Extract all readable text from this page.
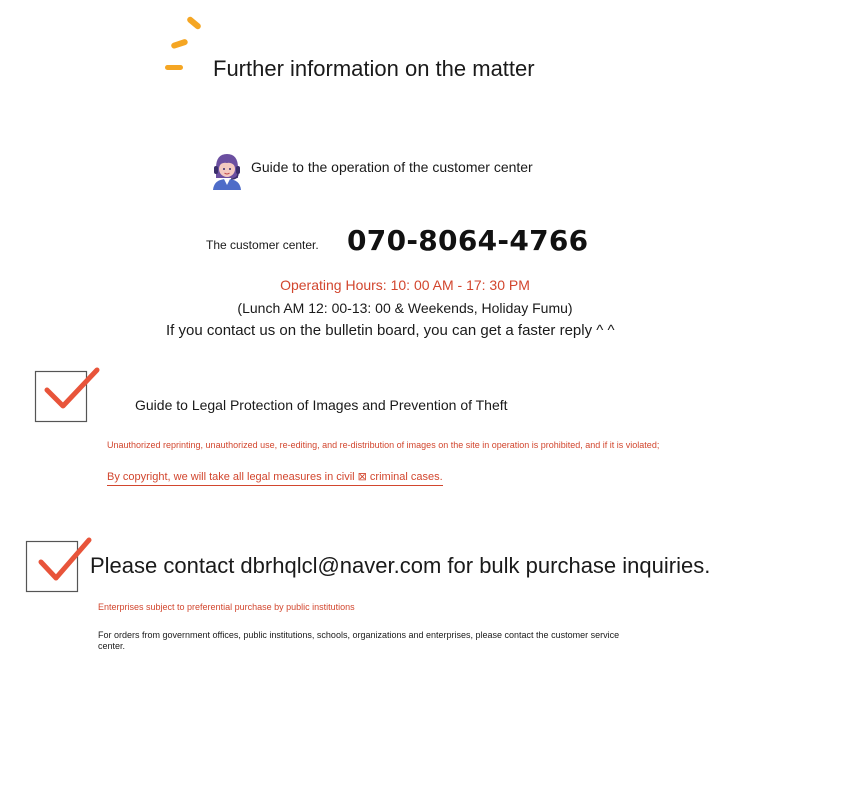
Further information on the matter
Guide to the operation of the customer center
The customer center. 070-8064-4766
Operating Hours: 10: 00 AM - 17: 30 PM
(Lunch AM 12: 00-13: 00 & Weekends, Holiday Fumu)
If you contact us on the bulletin board, you can get a faster reply ^ ^
Guide to Legal Protection of Images and Prevention of Theft
Unauthorized reprinting, unauthorized use, re-editing, and re-distribution of images on the site in operation is prohibited, and if it is violated;
By copyright, we will take all legal measures in civil ⊠ criminal cases.
Please contact dbrhqlcl@naver.com for bulk purchase inquiries.
Enterprises subject to preferential purchase by public institutions
For orders from government offices, public institutions, schools, organizations and enterprises, please contact the customer service center.
